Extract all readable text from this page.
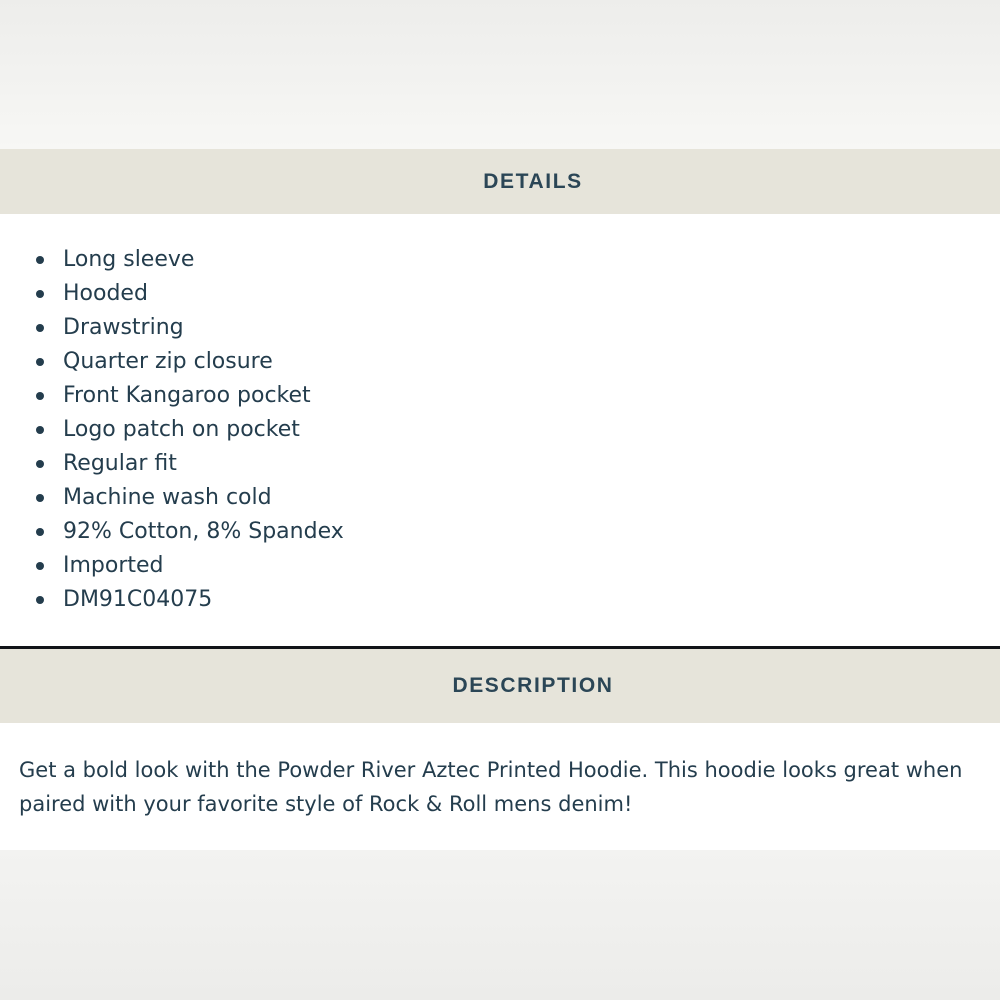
DETAILS
Long sleeve
Hooded
Drawstring
Quarter zip closure
Front Kangaroo pocket
Logo patch on pocket
Regular fit
Machine wash cold
92% Cotton, 8% Spandex
Imported
DM91C04075
DESCRIPTION

Get a bold look with the Powder River Aztec Printed Hoodie. This hoodie looks great when paired with your favorite style of Rock & Roll mens denim!
